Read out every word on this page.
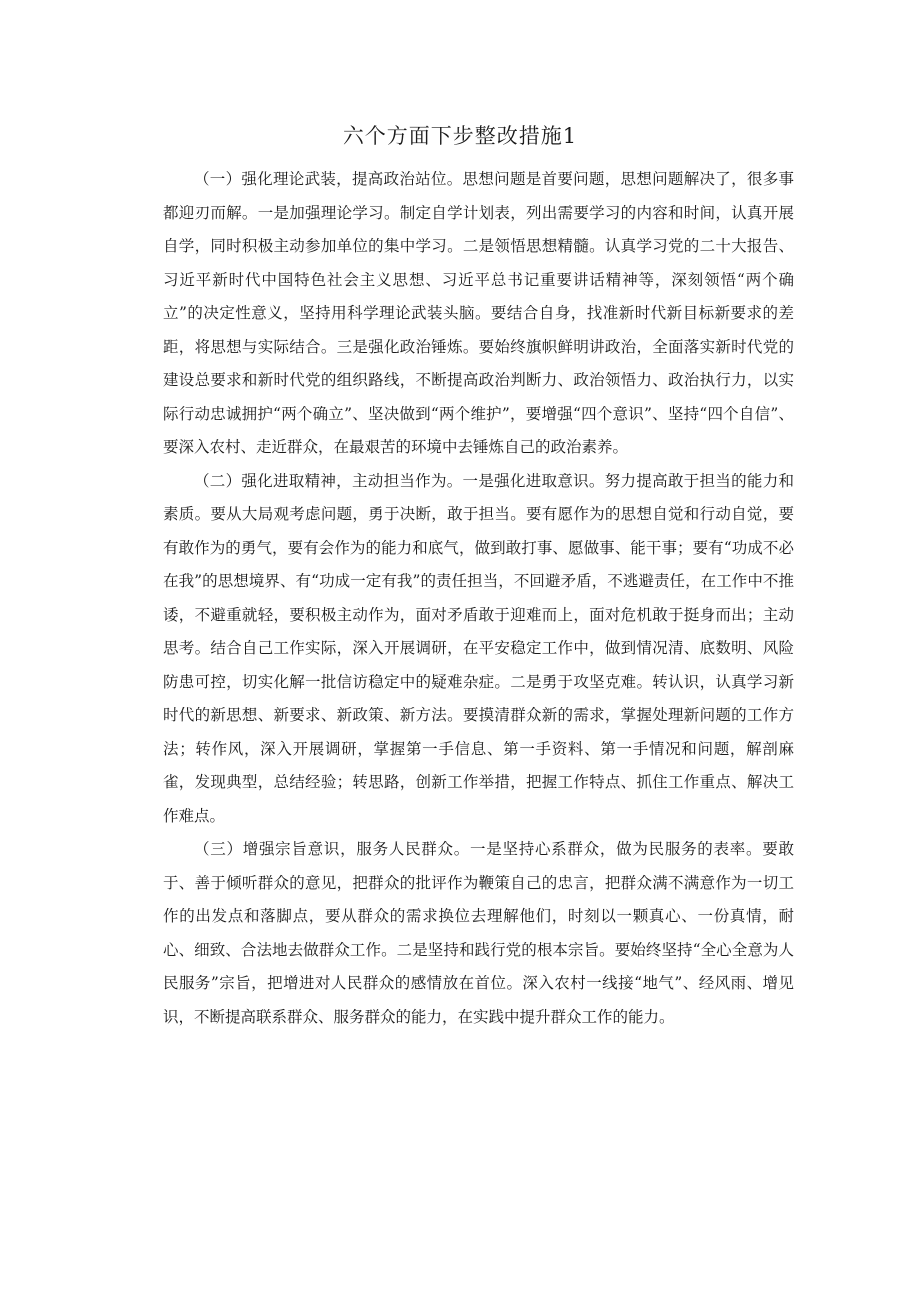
六个方面下步整改措施1

（一）强化理论武装，提高政治站位。思想问题是首要问题，思想问题解决了，很多事都迎刃而解。一是加强理论学习。制定自学计划表，列出需要学习的内容和时间，认真开展自学，同时积极主动参加单位的集中学习。二是领悟思想精髓。认真学习党的二十大报告、习近平新时代中国特色社会主义思想、习近平总书记重要讲话精神等，深刻领悟“两个确立”的决定性意义，坚持用科学理论武装头脑。要结合自身，找准新时代新目标新要求的差距，将思想与实际结合。三是强化政治锤炼。要始终旗帜鲜明讲政治，全面落实新时代党的建设总要求和新时代党的组织路线，不断提高政治判断力、政治领悟力、政治执行力，以实际行动忠诚拥护“两个确立”、坚决做到“两个维护”，要增强“四个意识”、坚持“四个自信”、要深入农村、走近群众，在最艰苦的环境中去锤炼自己的政治素养。

（二）强化进取精神，主动担当作为。一是强化进取意识。努力提高敢于担当的能力和素质。要从大局观考虑问题，勇于决断，敢于担当。要有愿作为的思想自觉和行动自觉，要有敢作为的勇气，要有会作为的能力和底气，做到敢打事、愿做事、能干事；要有“功成不必在我”的思想境界、有“功成一定有我”的责任担当，不回避矛盾，不逃避责任，在工作中不推诿，不避重就轻，要积极主动作为，面对矛盾敢于迎难而上，面对危机敢于挺身而出；主动思考。结合自己工作实际，深入开展调研，在平安稳定工作中，做到情况清、底数明、风险防患可控，切实化解一批信访稳定中的疑难杂症。二是勇于攻坚克难。转认识，认真学习新时代的新思想、新要求、新政策、新方法。要摸清群众新的需求，掌握处理新问题的工作方法；转作风，深入开展调研，掌握第一手信息、第一手资料、第一手情况和问题，解剖麻雀，发现典型，总结经验；转思路，创新工作举措，把握工作特点、抓住工作重点、解决工作难点。

（三）增强宗旨意识，服务人民群众。一是坚持心系群众，做为民服务的表率。要敢于、善于倾听群众的意见，把群众的批评作为鞭策自己的忠言，把群众满不满意作为一切工作的出发点和落脚点，要从群众的需求换位去理解他们，时刻以一颗真心、一份真情，耐心、细致、合法地去做群众工作。二是坚持和践行党的根本宗旨。要始终坚持“全心全意为人民服务”宗旨，把增进对人民群众的感情放在首位。深入农村一线接“地气”、经风雨、增见识，不断提高联系群众、服务群众的能力，在实践中提升群众工作的能力。
